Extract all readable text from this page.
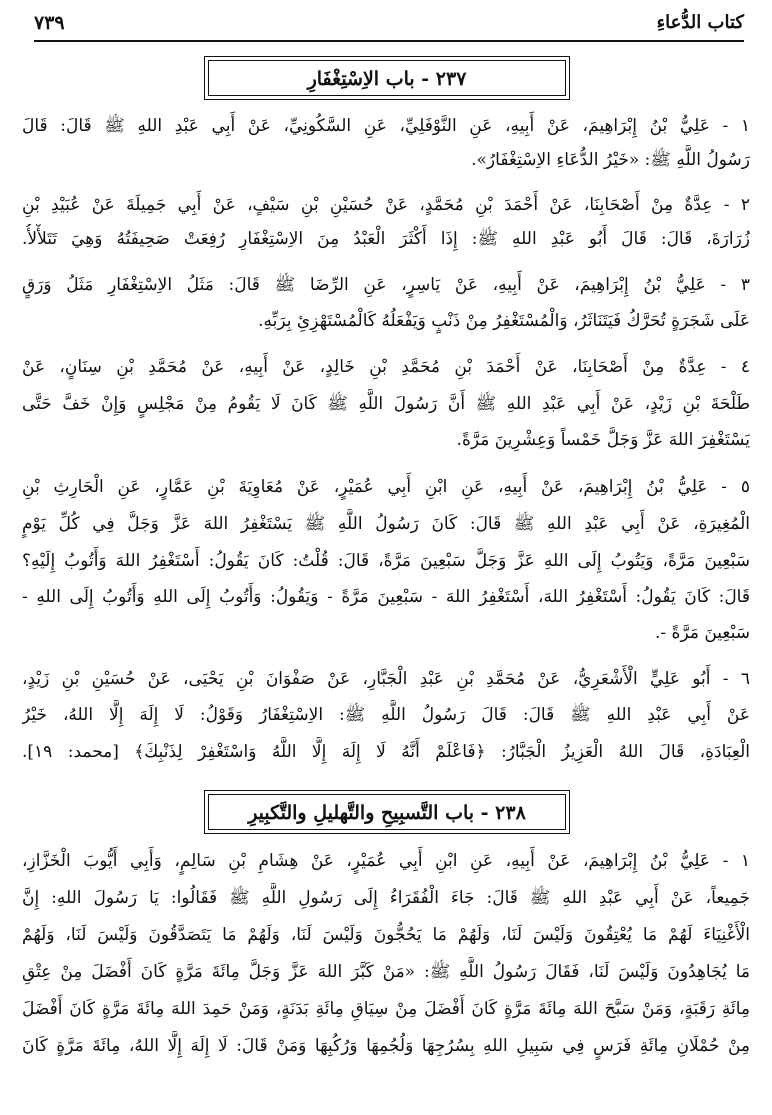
كتاب الدُّعاءِ
٧٣٩
٢٣٧ - باب الاِسْتِغْفَارِ
٢٣٨ - باب التَّسبِيحِ والتَّهليلِ والتَّكبِيرِ
١ - عَلِيُّ بْنُ إِبْرَاهِيمَ، عَنْ أَبِيهِ، عَنِ النَّوْفَلِيِّ، عَنِ السَّكُونِيِّ، عَنْ أَبِي عَبْدِ اللهِ ﷺ قَالَ: قَالَ
رَسُولُ اللَّهِ ﷺ: «خَيْرُ الدُّعَاءِ الاِسْتِغْفَارُ».
٢ - عِدَّةٌ مِنْ أَصْحَابِنَا، عَنْ أَحْمَدَ بْنِ مُحَمَّدٍ، عَنْ حُسَيْنِ بْنِ سَيْفٍ، عَنْ أَبِي جَمِيلَةَ عَنْ عُبَيْدِ بْنِ
زُرَارَةَ، قَالَ: قَالَ أَبُو عَبْدِ اللهِ ﷺ: إِذَا أَكْثَرَ الْعَبْدُ مِنَ الاِسْتِغْفَارِ رُفِعَتْ صَحِيفَتُهُ وَهِيَ تَتَلأْلأُ.
٣ - عَلِيُّ بْنُ إِبْرَاهِيمَ، عَنْ أَبِيهِ، عَنْ يَاسِرٍ، عَنِ الرِّضَا ﷺ قَالَ: مَثَلُ الاِسْتِغْفَارِ مَثَلُ وَرَقٍ
عَلَى شَجَرَةٍ تُحَرَّكُ فَيَتَنَاثَرُ، وَالْمُسْتَغْفِرُ مِنْ ذَنْبٍ وَيَفْعَلُهُ كَالْمُسْتَهْزِئِ بِرَبِّهِ.
٤ - عِدَّةٌ مِنْ أَصْحَابِنَا، عَنْ أَحْمَدَ بْنِ مُحَمَّدِ بْنِ خَالِدٍ، عَنْ أَبِيهِ، عَنْ مُحَمَّدِ بْنِ سِنَانٍ، عَنْ
طَلْحَةَ بْنِ زَيْدٍ، عَنْ أَبِي عَبْدِ اللهِ ﷺ أَنَّ رَسُولَ اللَّهِ ﷺ كَانَ لَا يَقُومُ مِنْ مَجْلِسٍ وَإِنْ خَفَّ حَتَّى
يَسْتَغْفِرَ اللهَ عَزَّ وَجَلَّ خَمْساً وَعِشْرِينَ مَرَّةً.
٥ - عَلِيُّ بْنُ إِبْرَاهِيمَ، عَنْ أَبِيهِ، عَنِ ابْنِ أَبِي عُمَيْرٍ، عَنْ مُعَاوِيَةَ بْنِ عَمَّارٍ، عَنِ الْحَارِثِ بْنِ
الْمُغِيرَةِ، عَنْ أَبِي عَبْدِ اللهِ ﷺ قَالَ: كَانَ رَسُولُ اللَّهِ ﷺ يَسْتَغْفِرُ اللهَ عَزَّ وَجَلَّ فِي كُلِّ يَوْمٍ
سَبْعِينَ مَرَّةً، وَيَتُوبُ إِلَى اللهِ عَزَّ وَجَلَّ سَبْعِينَ مَرَّةً، قَالَ: قُلْتُ: كَانَ يَقُولُ: أَسْتَغْفِرُ اللهَ وَأَتُوبُ إِلَيْهِ؟
قَالَ: كَانَ يَقُولُ: أَسْتَغْفِرُ اللهَ، أَسْتَغْفِرُ اللهَ - سَبْعِينَ مَرَّةً - وَيَقُولُ: وَأَتُوبُ إِلَى اللهِ وَأَتُوبُ إِلَى اللهِ -
سَبْعِينَ مَرَّةً -.
٦ - أَبُو عَلِيٍّ الْأَشْعَرِيُّ، عَنْ مُحَمَّدِ بْنِ عَبْدِ الْجَبَّارِ، عَنْ صَفْوَانَ بْنِ يَحْيَى، عَنْ حُسَيْنِ بْنِ زَيْدٍ،
عَنْ أَبِي عَبْدِ اللهِ ﷺ قَالَ: قَالَ رَسُولُ اللَّهِ ﷺ: الاِسْتِغْفَارُ وَقَوْلُ: لَا إِلَهَ إِلَّا اللهُ، خَيْرُ
الْعِبَادَةِ، قَالَ اللهُ الْعَزِيزُ الْجَبَّارُ: ﴿فَاعْلَمْ أَنَّهُ لَا إِلَهَ إِلَّا اللَّهُ وَاسْتَغْفِرْ لِذَنْبِكَ﴾ [محمد: ١٩].
١ - عَلِيُّ بْنُ إِبْرَاهِيمَ، عَنْ أَبِيهِ، عَنِ ابْنِ أَبِي عُمَيْرٍ، عَنْ هِشَامِ بْنِ سَالِمٍ، وَأَبِي أَيُّوبَ الْخَزَّازِ،
جَمِيعاً، عَنْ أَبِي عَبْدِ اللهِ ﷺ قَالَ: جَاءَ الْفُقَرَاءُ إِلَى رَسُولِ اللَّهِ ﷺ فَقَالُوا: يَا رَسُولَ اللهِ: إِنَّ
الْأَغْنِيَاءَ لَهُمْ مَا يُعْتِقُونَ وَلَيْسَ لَنَا، وَلَهُمْ مَا يَحُجُّونَ وَلَيْسَ لَنَا، وَلَهُمْ مَا يَتَصَدَّقُونَ وَلَيْسَ لَنَا، وَلَهُمْ
مَا يُجَاهِدُونَ وَلَيْسَ لَنَا، فَقَالَ رَسُولُ اللَّهِ ﷺ: «مَنْ كَبَّرَ اللهَ عَزَّ وَجَلَّ مِائَةَ مَرَّةٍ كَانَ أَفْضَلَ مِنْ عِتْقِ
مِائَةِ رَقَبَةٍ، وَمَنْ سَبَّحَ اللهَ مِائَةَ مَرَّةٍ كَانَ أَفْضَلَ مِنْ سِيَاقِ مِائَةِ بَدَنَةٍ، وَمَنْ حَمِدَ اللهَ مِائَةَ مَرَّةٍ كَانَ أَفْضَلَ
مِنْ حُمْلَانِ مِائَةِ فَرَسٍ فِي سَبِيلِ اللهِ بِسُرُجِهَا وَلُجُمِهَا وَرُكُبِهَا وَمَنْ قَالَ: لَا إِلَهَ إِلَّا اللهُ، مِائَةَ مَرَّةٍ كَانَ
